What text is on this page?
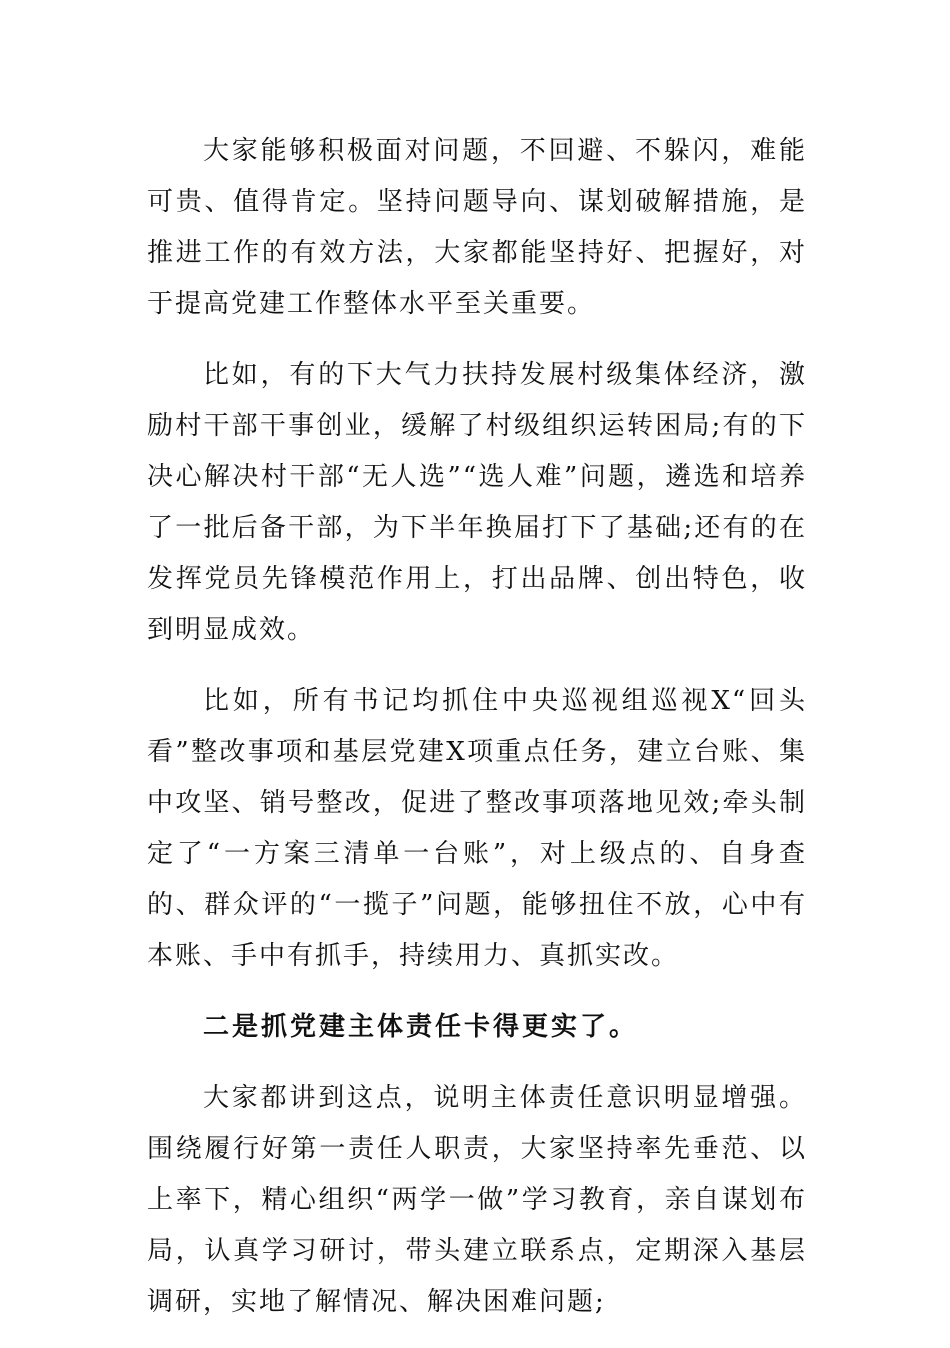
大家能够积极面对问题，不回避、不躲闪，难能可贵、值得肯定。坚持问题导向、谋划破解措施，是推进工作的有效方法，大家都能坚持好、把握好，对于提高党建工作整体水平至关重要。

比如，有的下大气力扶持发展村级集体经济，激励村干部干事创业，缓解了村级组织运转困局;有的下决心解决村干部“无人选”“选人难”问题，遴选和培养了一批后备干部，为下半年换届打下了基础;还有的在发挥党员先锋模范作用上，打出品牌、创出特色，收到明显成效。

比如，所有书记均抓住中央巡视组巡视X“回头看”整改事项和基层党建X项重点任务，建立台账、集中攻坚、销号整改，促进了整改事项落地见效;牵头制定了“一方案三清单一台账”，对上级点的、自身查的、群众评的“一揽子”问题，能够扭住不放，心中有本账、手中有抓手，持续用力、真抓实改。

二是抓党建主体责任卡得更实了。

大家都讲到这点，说明主体责任意识明显增强。围绕履行好第一责任人职责，大家坚持率先垂范、以上率下，精心组织“两学一做”学习教育，亲自谋划布局，认真学习研讨，带头建立联系点，定期深入基层调研，实地了解情况、解决困难问题;
